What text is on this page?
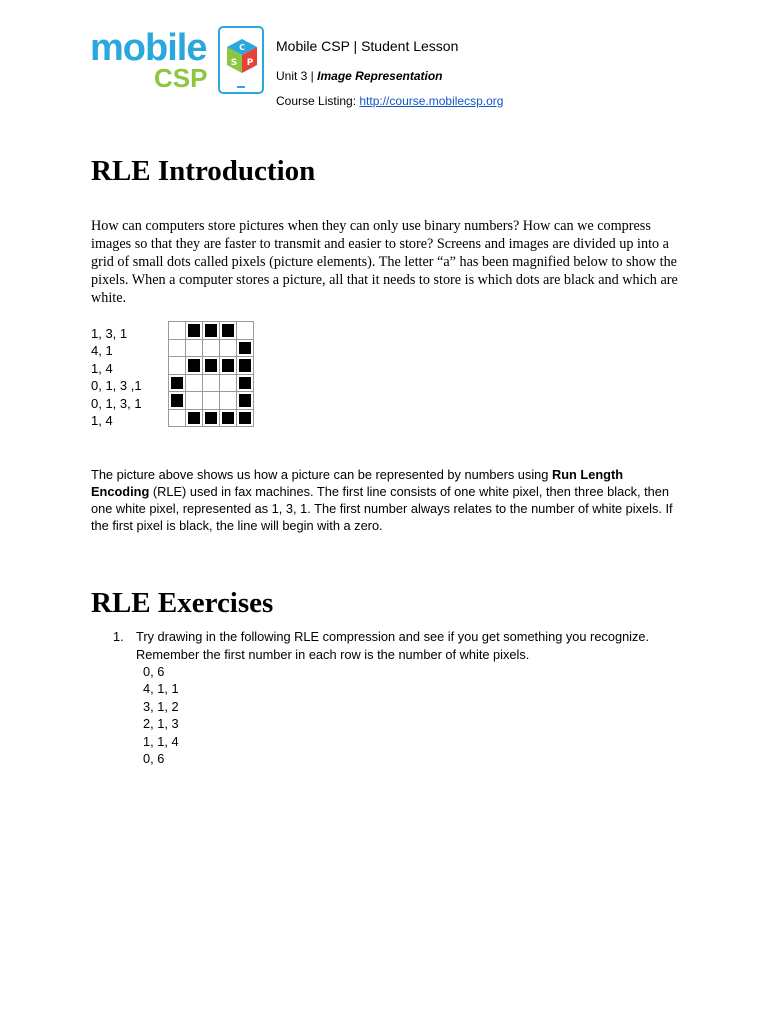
mobile
CSP
C
S P
Mobile CSP | Student Lesson
Unit 3 | Image Representation
Course Listing: http://course.mobilecsp.org
RLE Introduction

How can computers store pictures when they can only use binary numbers? How can we compress images so that they are faster to transmit and easier to store? Screens and images are divided up into a grid of small dots called pixels (picture elements). The letter “a” has been magnified below to show the pixels. When a computer stores a picture, all that it needs to store is which dots are black and which are white.

1, 3, 1
4, 1
1, 4
0, 1, 3 ,1
0, 1, 3, 1
1, 4

The picture above shows us how a picture can be represented by numbers using Run Length Encoding (RLE) used in fax machines. The first line consists of one white pixel, then three black, then one white pixel, represented as 1, 3, 1. The first number always relates to the number of white pixels. If the first pixel is black, the line will begin with a zero.

RLE Exercises
1. Try drawing in the following RLE compression and see if you get something you recognize. Remember the first number in each row is the number of white pixels.
0, 6
4, 1, 1
3, 1, 2
2, 1, 3
1, 1, 4
0, 6
